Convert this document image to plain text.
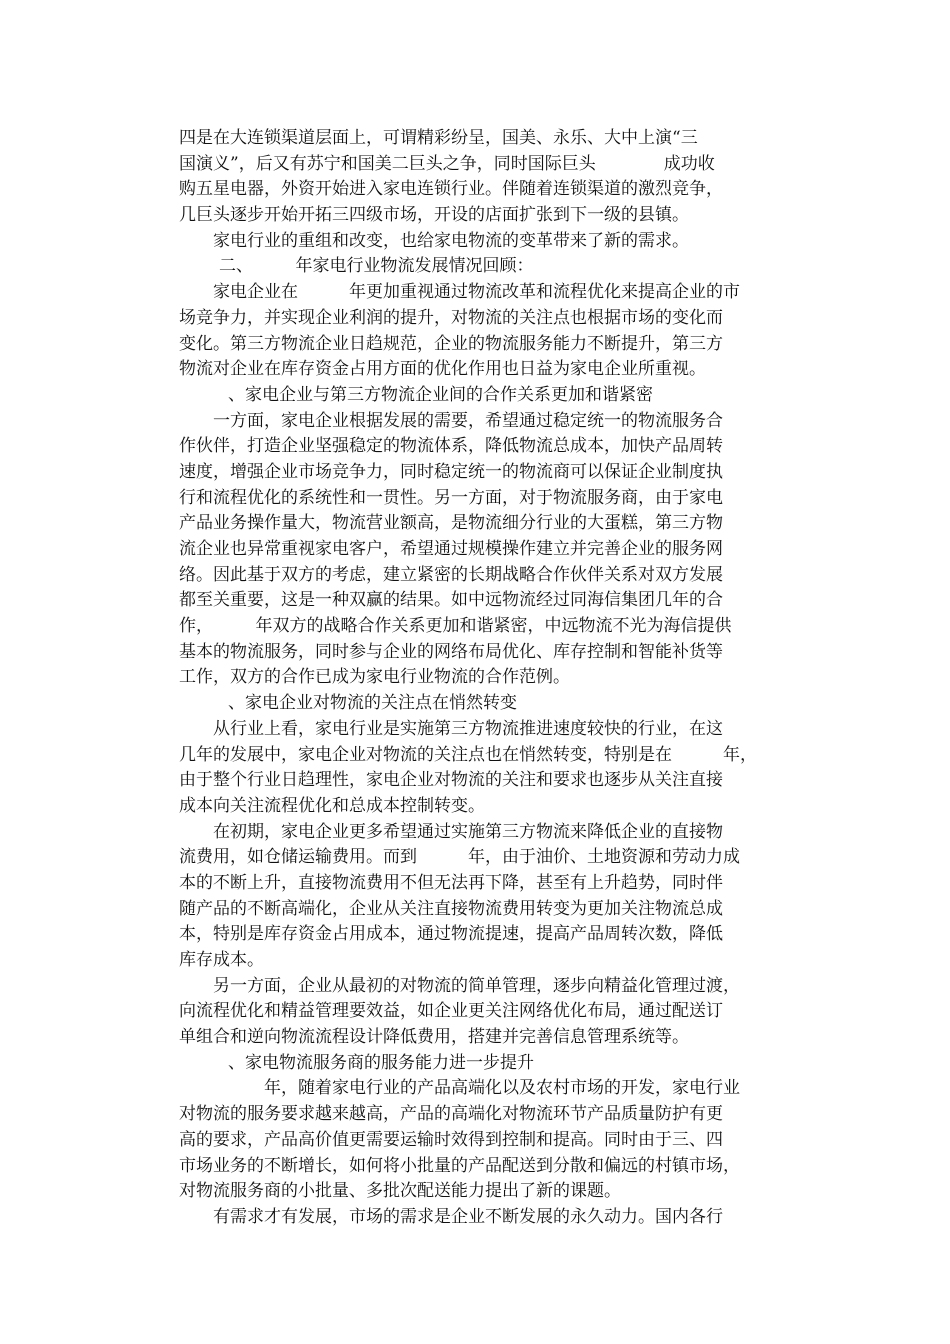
四是在大连锁渠道层面上，可谓精彩纷呈，国美、永乐、大中上演“三
国演义”，后又有苏宁和国美二巨头之争，同时国际巨头　　　　成功收
购五星电器，外资开始进入家电连锁行业。伴随着连锁渠道的激烈竞争，
几巨头逐步开始开拓三四级市场，开设的店面扩张到下一级的县镇。
家电行业的重组和改变，也给家电物流的变革带来了新的需求。
二、　　　年家电行业物流发展情况回顾：
家电企业在　　　年更加重视通过物流改革和流程优化来提高企业的市
场竞争力，并实现企业利润的提升，对物流的关注点也根据市场的变化而
变化。第三方物流企业日趋规范，企业的物流服务能力不断提升，第三方
物流对企业在库存资金占用方面的优化作用也日益为家电企业所重视。
、家电企业与第三方物流企业间的合作关系更加和谐紧密
一方面，家电企业根据发展的需要，希望通过稳定统一的物流服务合
作伙伴，打造企业坚强稳定的物流体系，降低物流总成本，加快产品周转
速度，增强企业市场竞争力，同时稳定统一的物流商可以保证企业制度执
行和流程优化的系统性和一贯性。另一方面，对于物流服务商，由于家电
产品业务操作量大，物流营业额高，是物流细分行业的大蛋糕，第三方物
流企业也异常重视家电客户，希望通过规模操作建立并完善企业的服务网
络。因此基于双方的考虑，建立紧密的长期战略合作伙伴关系对双方发展
都至关重要，这是一种双赢的结果。如中远物流经过同海信集团几年的合
作，　　　年双方的战略合作关系更加和谐紧密，中远物流不光为海信提供
基本的物流服务，同时参与企业的网络布局优化、库存控制和智能补货等
工作，双方的合作已成为家电行业物流的合作范例。
、家电企业对物流的关注点在悄然转变
从行业上看，家电行业是实施第三方物流推进速度较快的行业，在这
几年的发展中，家电企业对物流的关注点也在悄然转变，特别是在　　　年，
由于整个行业日趋理性，家电企业对物流的关注和要求也逐步从关注直接
成本向关注流程优化和总成本控制转变。
在初期，家电企业更多希望通过实施第三方物流来降低企业的直接物
流费用，如仓储运输费用。而到　　　年，由于油价、土地资源和劳动力成
本的不断上升，直接物流费用不但无法再下降，甚至有上升趋势，同时伴
随产品的不断高端化，企业从关注直接物流费用转变为更加关注物流总成
本，特别是库存资金占用成本，通过物流提速，提高产品周转次数，降低
库存成本。
另一方面，企业从最初的对物流的简单管理，逐步向精益化管理过渡，
向流程优化和精益管理要效益，如企业更关注网络优化布局，通过配送订
单组合和逆向物流流程设计降低费用，搭建并完善信息管理系统等。
、家电物流服务商的服务能力进一步提升
　　　年，随着家电行业的产品高端化以及农村市场的开发，家电行业
对物流的服务要求越来越高，产品的高端化对物流环节产品质量防护有更
高的要求，产品高价值更需要运输时效得到控制和提高。同时由于三、四
市场业务的不断增长，如何将小批量的产品配送到分散和偏远的村镇市场，
对物流服务商的小批量、多批次配送能力提出了新的课题。
有需求才有发展，市场的需求是企业不断发展的永久动力。国内各行
